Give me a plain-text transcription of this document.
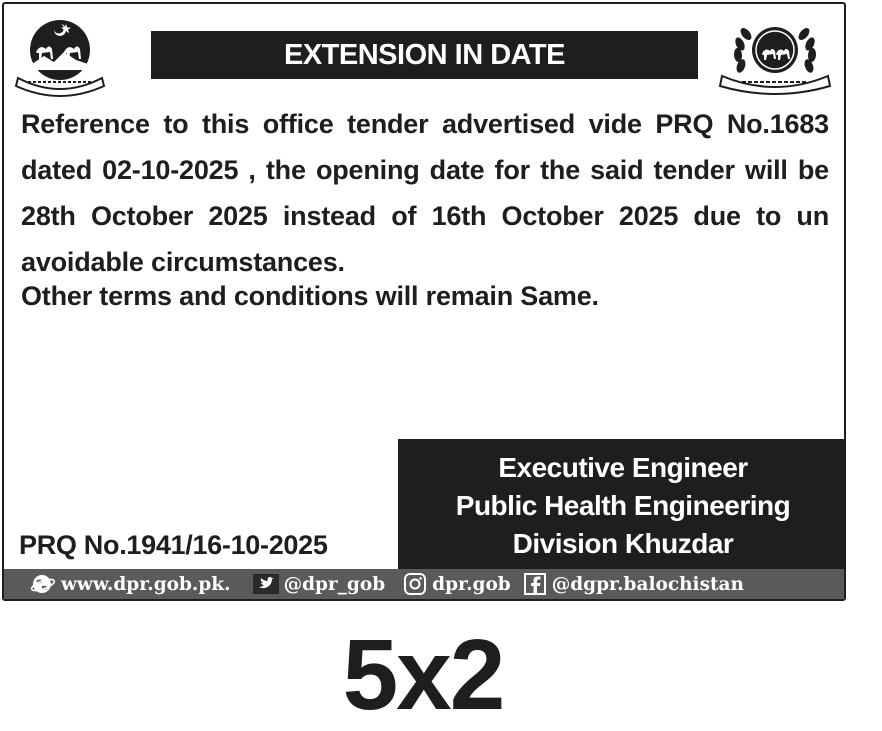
EXTENSION IN DATE

Reference to this office tender advertised vide PRQ No.1683 dated 02-10-2025 , the opening date for the said tender will be 28th October 2025 instead of 16th October 2025 due to un avoidable circumstances.

Other terms and conditions will remain Same.

PRQ No.1941/16-10-2025
Executive Engineer
Public Health Engineering
Division Khuzdar
www.dpr.gob.pk.	@dpr_gob	dpr.gob @dgpr.balochistan
5x2
